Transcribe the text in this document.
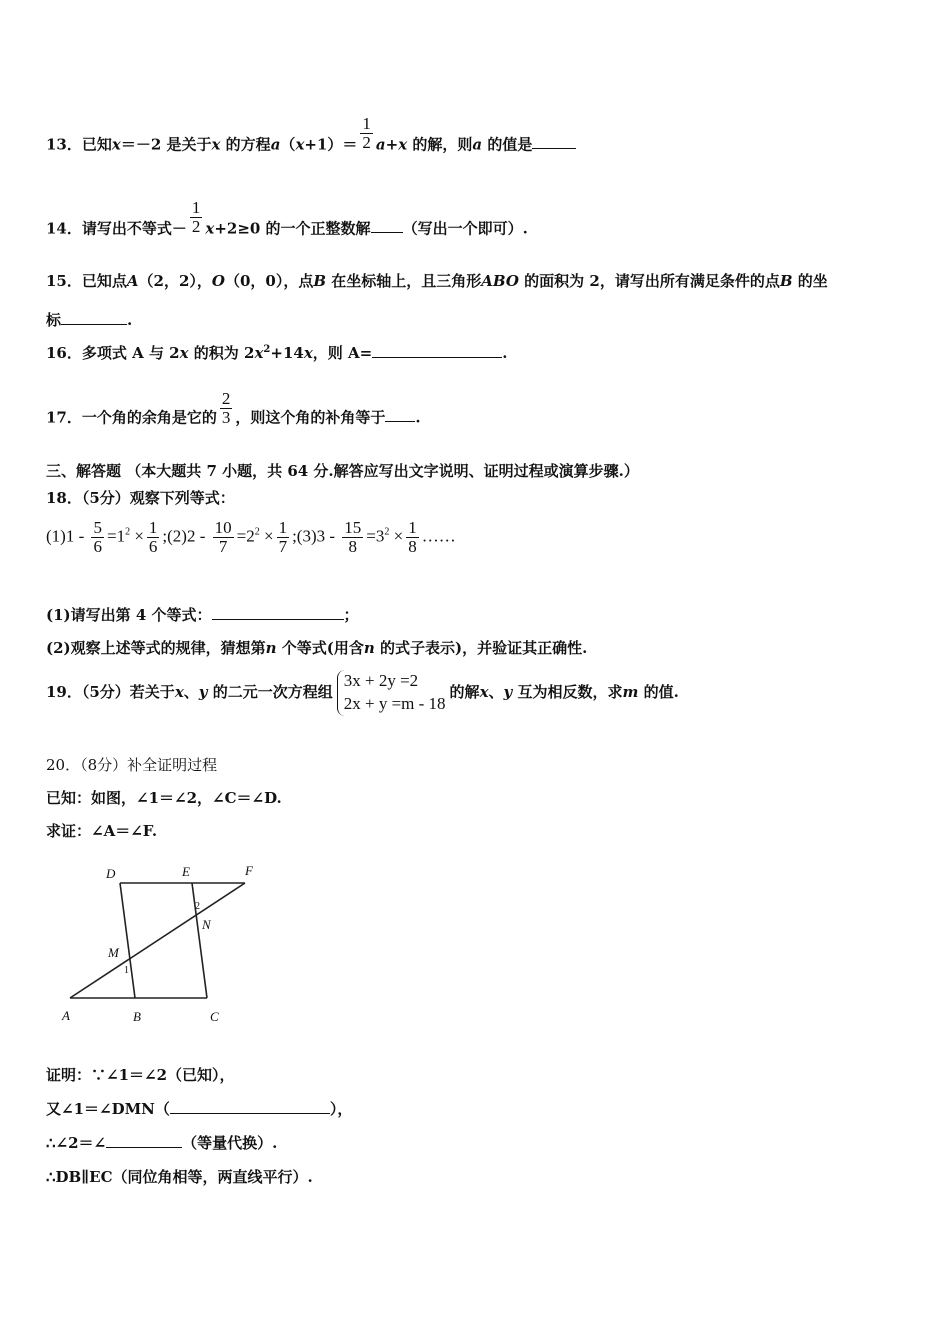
13．已知x＝－2 是关于x 的方程$a(x+1)= \frac{1}{2} a+x$ 的解，则a 的值是
14．请写出不等式－ $\frac{1}{2} x+2\ge 0$ 的一个正整数解 （写出一个即可）.
15．已知点A（2，2），O（0，0），点B 在坐标轴上，且三角形ABO 的面积为 2，请写出所有满足条件的点B 的坐
标	.
16．多项式 A 与 2x 的积为 $2x^2+14x$，则 A=	.
17．一个角的余角是它的 $\frac{2}{3}$ ，则这个角的补角等于 .
三、解答题 （本大题共 7 小题，共 64 分.解答应写出文字说明、证明过程或演算步骤.）
18．（5分）观察下列等式：
$(1)1 - \frac{5}{6} =1^2 \times \frac{1}{6}$ ;(2)2 - $\frac{10}{7} =2^2 \times \frac{1}{7}$ ;(3)3 - $\frac{15}{8} =3^2 \times \frac{1}{8}$ ……
(1)请写出第 4 个等式：	；
(2)观察上述等式的规律，猜想第n 个等式(用含n 的式子表示)，并验证其正确性.
19．（5分）若关于x、y 的二元一次方程组
3x + 2y =2
2x + y =m - 18
的解x、y 互为相反数，求m 的值.
20．（8分）补全证明过程
已知：如图，∠1＝∠2，∠C＝∠D.
求证：∠A＝∠F.
D	E	F
N
M
A	B	C
1
2
证明：∵∠1＝∠2（已知），
又∠1＝∠DMN（	），
∴∠2＝∠	（等量代换）.
∴DB∥EC（同位角相等，两直线平行）.
